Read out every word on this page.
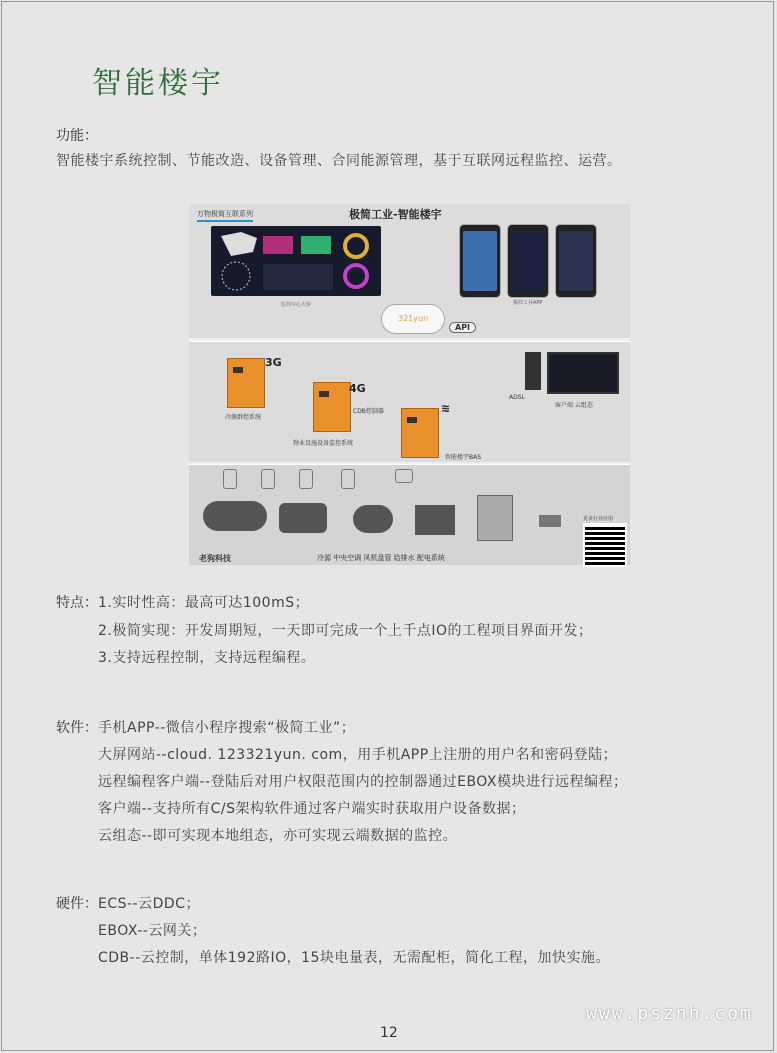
智能楼宇
功能：
智能楼宇系统控制、节能改造、设备管理、合同能源管理，基于互联网远程监控、运营。
万物极简互联系列	极简工业-智能楼宇
监控中心大屏	极简工业APP
321yun
API
3G
冷源群控系统
4G
CDB控制器
物业设施设备监控系统
≋
智能楼宇BAS
ADSL
客户端 云组态
老狗科技	冷源 中央空调 风机盘管 给排水 配电系统
更多行业应用
特点： 1.实时性高：最高可达100mS；
2.极简实现：开发周期短，一天即可完成一个上千点IO的工程项目界面开发；
3.支持远程控制，支持远程编程。
软件： 手机APP--微信小程序搜索“极简工业”；
大屏网站--cloud. 123321yun. com，用手机APP上注册的用户名和密码登陆；
远程编程客户端--登陆后对用户权限范围内的控制器通过EBOX模块进行远程编程；
客户端--支持所有C/S架构软件通过客户端实时获取用户设备数据；
云组态--即可实现本地组态，亦可实现云端数据的监控。
硬件： ECS--云DDC；
EBOX--云网关；
CDB--云控制，单体192路IO，15块电量表，无需配柜，简化工程，加快实施。
www.psznh.com
12
